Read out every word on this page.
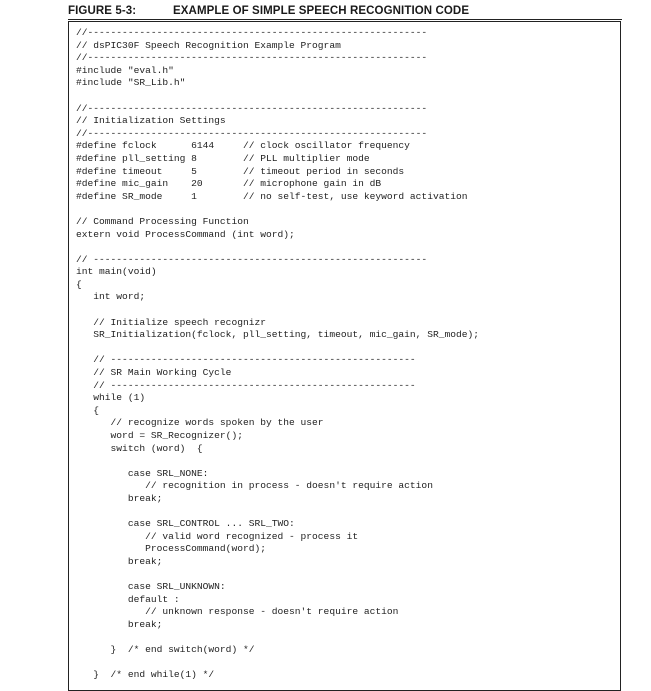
FIGURE 5-3:	EXAMPLE OF SIMPLE SPEECH RECOGNITION CODE
//-----------------------------------------------------------
// dsPIC30F Speech Recognition Example Program
//-----------------------------------------------------------
#include "eval.h"
#include "SR_Lib.h"
//-----------------------------------------------------------
// Initialization Settings
//-----------------------------------------------------------
#define fclock      6144     // clock oscillator frequency
#define pll_setting 8        // PLL multiplier mode
#define timeout     5        // timeout period in seconds
#define mic_gain    20       // microphone gain in dB
#define SR_mode     1        // no self-test, use keyword activation
// Command Processing Function
extern void ProcessCommand (int word);
// ----------------------------------------------------------
int main(void)
{
int word;
// Initialize speech recognizr
SR_Initialization(fclock, pll_setting, timeout, mic_gain, SR_mode);
// -----------------------------------------------------
// SR Main Working Cycle
// -----------------------------------------------------
while (1)
{
// recognize words spoken by the user
word = SR_Recognizer();
switch (word)  {
case SRL_NONE:
// recognition in process - doesn't require action
break;
case SRL_CONTROL ... SRL_TWO:
// valid word recognized - process it
ProcessCommand(word);
break;
case SRL_UNKNOWN:
default :
// unknown response - doesn't require action
break;
}  /* end switch(word) */
}  /* end while(1) */
